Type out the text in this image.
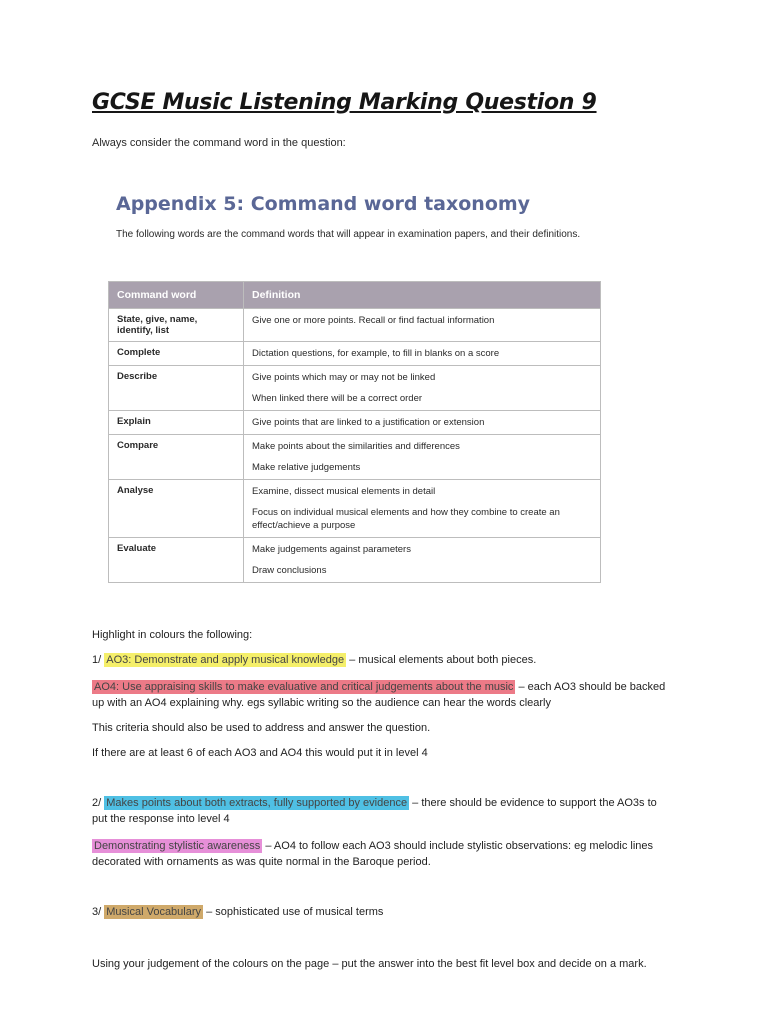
GCSE Music Listening Marking Question 9
Always consider the command word in the question:
Appendix 5: Command word taxonomy
The following words are the command words that will appear in examination papers, and their definitions.
Command word	Definition
State, give, name, identify, list	Give one or more points. Recall or find factual information

Complete	Dictation questions, for example, to fill in blanks on a score

Describe	Give points which may or may not be linked
When linked there will be a correct order

Explain	Give points that are linked to a justification or extension

Compare	Make points about the similarities and differences
Make relative judgements

Analyse	Examine, dissect musical elements in detail
Focus on individual musical elements and how they combine to create an effect/achieve a purpose

Evaluate	Make judgements against parameters
Draw conclusions
Highlight in colours the following:
1/ AO3: Demonstrate and apply musical knowledge – musical elements about both pieces.
AO4: Use appraising skills to make evaluative and critical judgements about the music – each AO3 should be backed up with an AO4 explaining why. egs syllabic writing so the audience can hear the words clearly
This criteria should also be used to address and answer the question.
If there are at least 6 of each AO3 and AO4 this would put it in level 4
2/ Makes points about both extracts, fully supported by evidence – there should be evidence to support the AO3s to put the response into level 4
Demonstrating stylistic awareness – AO4 to follow each AO3 should include stylistic observations: eg melodic lines decorated with ornaments as was quite normal in the Baroque period.
3/ Musical Vocabulary – sophisticated use of musical terms
Using your judgement of the colours on the page – put the answer into the best fit level box and decide on a mark.
